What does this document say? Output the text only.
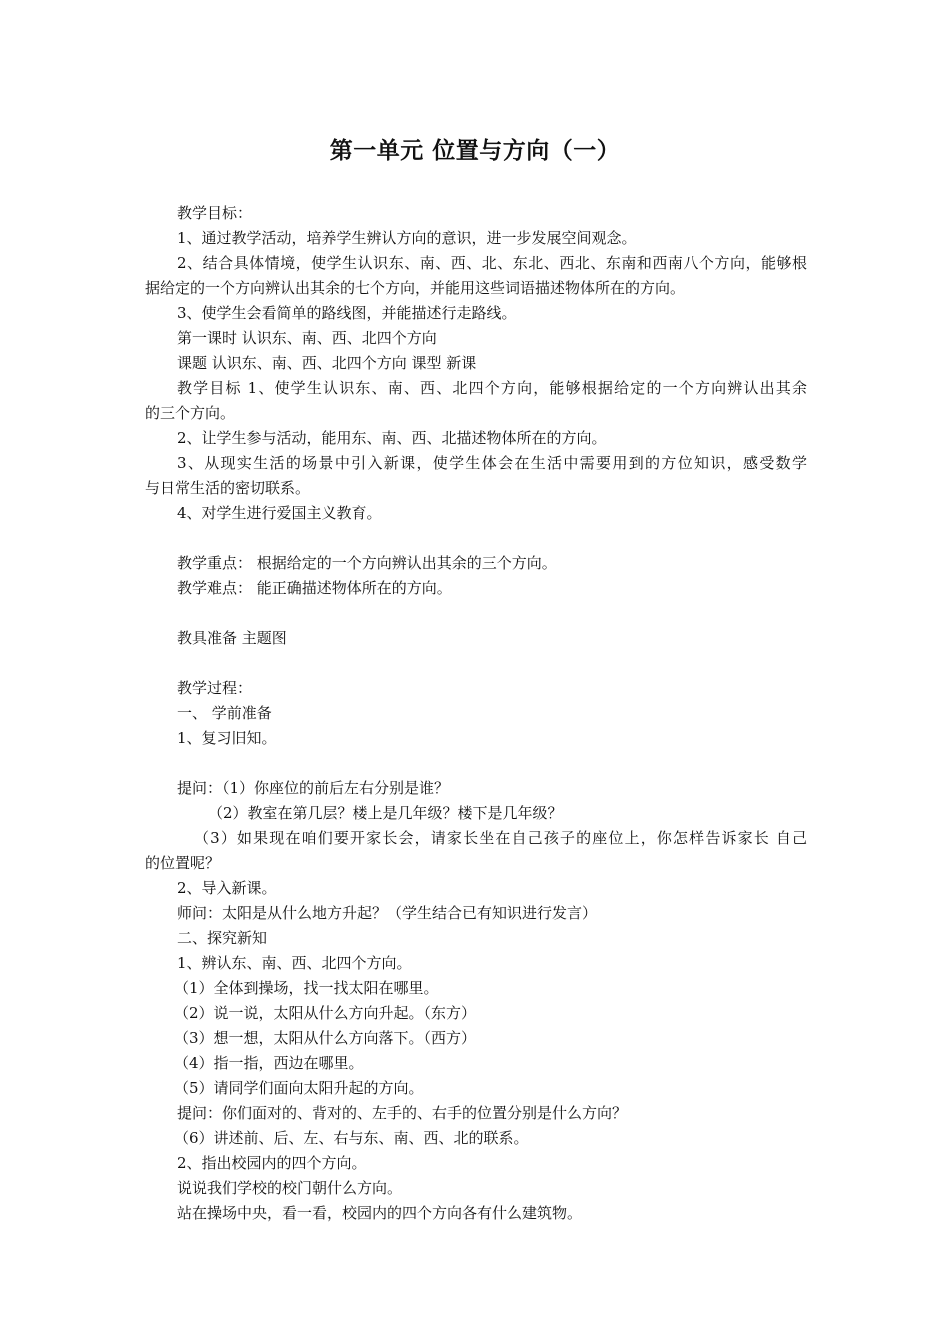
第一单元 位置与方向（一）
教学目标：
1、通过教学活动，培养学生辨认方向的意识，进一步发展空间观念。
2、结合具体情境，使学生认识东、南、西、北、东北、西北、东南和西南八个方向，能够根
据给定的一个方向辨认出其余的七个方向，并能用这些词语描述物体所在的方向。
3、使学生会看简单的路线图，并能描述行走路线。
第一课时 认识东、南、西、北四个方向
课题 认识东、南、西、北四个方向 课型 新课
教学目标 1、使学生认识东、南、西、北四个方向，能够根据给定的一个方向辨认出其余
的三个方向。
2、让学生参与活动，能用东、南、西、北描述物体所在的方向。
3、从现实生活的场景中引入新课，使学生体会在生活中需要用到的方位知识，感受数学
与日常生活的密切联系。
4、对学生进行爱国主义教育。
教学重点： 根据给定的一个方向辨认出其余的三个方向。
教学难点： 能正确描述物体所在的方向。
教具准备 主题图
教学过程：
一、 学前准备
1、复习旧知。
提问：（1）你座位的前后左右分别是谁？
（2）教室在第几层？楼上是几年级？楼下是几年级？
（3）如果现在咱们要开家长会，请家长坐在自己孩子的座位上，你怎样告诉家长 自己
的位置呢？
2、导入新课。
师问：太阳是从什么地方升起？（学生结合已有知识进行发言）
二、探究新知
1、辨认东、南、西、北四个方向。
（1）全体到操场，找一找太阳在哪里。
（2）说一说，太阳从什么方向升起。（东方）
（3）想一想，太阳从什么方向落下。（西方）
（4）指一指，西边在哪里。
（5）请同学们面向太阳升起的方向。
提问：你们面对的、背对的、左手的、右手的位置分别是什么方向？
（6）讲述前、后、左、右与东、南、西、北的联系。
2、指出校园内的四个方向。
说说我们学校的校门朝什么方向。
站在操场中央，看一看，校园内的四个方向各有什么建筑物。
